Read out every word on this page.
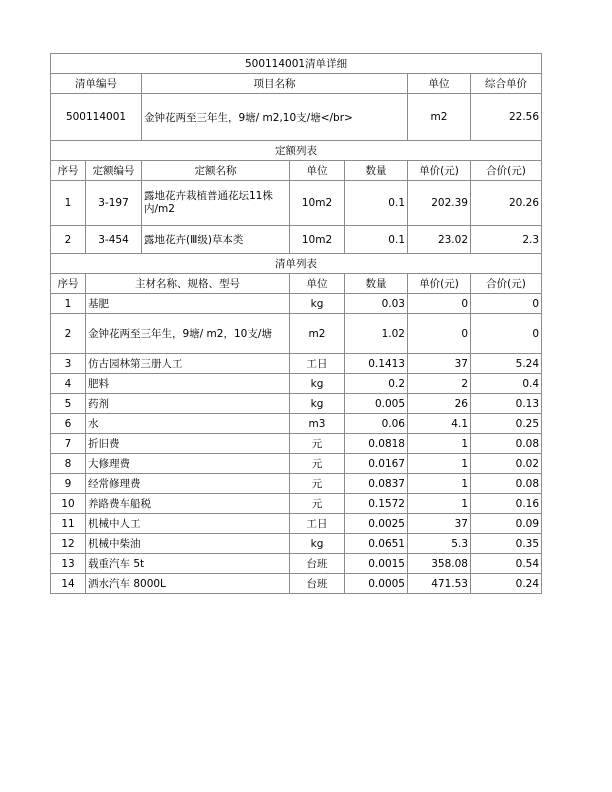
500114001清单详细						
清单编号		项目名称			单位	综合单价
500114001		金钟花两至三年生，9塘/ m2,10支/塘</br>			m2	22.56
定额列表						
序号	定额编号	定额名称	单位	数量	单价(元)	合价(元)
1	3-197	露地花卉栽植普通花坛11株内/m2	10m2	0.1	202.39	20.26
2	3-454	露地花卉(Ⅲ级)草本类	10m2	0.1	23.02	2.3
清单列表						
序号	主材名称、规格、型号		单位	数量	单价(元)	合价(元)
1	基肥		kg	0.03	0	0
2	金钟花两至三年生，9塘/ m2，10支/塘		m2	1.02	0	0
3	仿古园林第三册人工		工日	0.1413	37	5.24
4	肥料		kg	0.2	2	0.4
5	药剂		kg	0.005	26	0.13
6	水		m3	0.06	4.1	0.25
7	折旧费		元	0.0818	1	0.08
8	大修理费		元	0.0167	1	0.02
9	经常修理费		元	0.0837	1	0.08
10	养路费车船税		元	0.1572	1	0.16
11	机械中人工		工日	0.0025	37	0.09
12	机械中柴油		kg	0.0651	5.3	0.35
13	载重汽车 5t		台班	0.0015	358.08	0.54
14	洒水汽车 8000L		台班	0.0005	471.53	0.24
